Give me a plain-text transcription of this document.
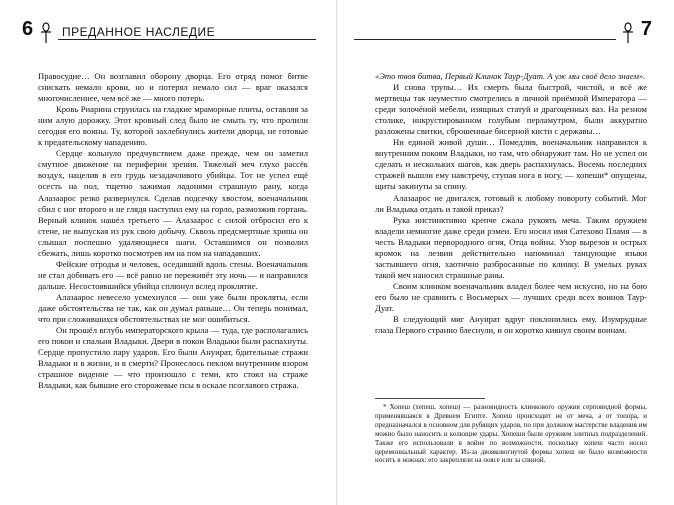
6 ПРЕДАННОЕ НАСЛЕДИЕ

Правосудие… Он возглавил оборону дворца. Его отряд помог битве снискать немало крови, но и потерял немало сил — враг оказался многочисленнее, чем всё же — много потерь.

Кровь Риарина струилась на гладкие мраморные плиты, оставляя за ним алую дорожку. Этот кровный след было не смыть ту, что пролили сегодня его воины. Ту, которой захлебнулись жители дворца, не готовые к предательскому нападению.

Сердце кольнуло предчувствием даже прежде, чем он заметил смутное движение на периферии зрения. Тяжелый меч глухо рассёк воздух, нацелив в его грудь незадачливого убийцы. Тот не успел ещё осесть на пол, тщетно зажимая ладонями страшную рану, когда Алазаарос резко развернулся. Сделав подсечку хвостом, военачальник сбил с ног второго и не глядя наступил ему на горло, размозжив гортань. Верный клинок нашёл третьего — Алазаарос с силой отбросил его к стене, не выпуская из рук свою добычу. Сквозь предсмертные хрипы он слышал поспешно удаляющиеся шаги. Оставшимся он позволил сбежать, лишь коротко посмотрев им на пом на нападавших.

Фейские отродья и человек, оседавший вдоль стены. Военачальник не стал добивать его — всё равно не переживёт эту ночь — и направился дальше. Несостоявшийся убийца сплюнул вслед проклятие.

Алазаарос невесело усмехнулся — они уже были прокляты, если даже обстоятельства не так, как он думал раньше… Он теперь понимал, что при сложившихся обстоятельствах не мог ошибиться.

Он прошёл вглубь императорского крыла — туда, где располагались его покои и спальня Владыки. Двери в покои Владыки были распахнуты. Сердце пропустило пару ударов. Его были Ануират, бдительные стражи Владыки и в жизни, и в смерти? Пронеслось пеклом внутренним взором страшное видение — что произошло с теми, кто стоял на страже Владыки, как бывшие его сторожевые псы в оскале псоглавого стража.

7

«Это твоя битва, Первый Клинок Таур-Дуат. А уж мы своё дело знаем».

И снова трупы… Их смерть была быстрой, чистой, и всё же мертвецы так неуместно смотрелись в личной приёмной Императора — среди золочёной мебели, изящных статуй и драгоценных ваз. На резном столике, инкрустированном голубым перламутром, были аккуратно разложены свитки, сброшенные бисерной кисти с державы…

Ни единой живой души… Помедлив, военачальник направился к внутренним покоям Владыки, но там, что обнаружит там. Но не успел он сделать и нескольких шагов, как дверь распахнулась. Восемь последних стражей вышли ему навстречу, ступая нога в ногу, — хопеши* опущены, щиты закинуты за спину.

Алазаарос не двигался, готовый к любому повороту событий. Мог ли Владыка отдать и такой приказ?

Рука инстинктивно крепче сжала рукоять меча. Таким оружием владели немногие даже среди рэмеи. Его носил имя Сатехово Пламя — в честь Владыки первородного огня, Отца войны. Узор вырезов и острых кромок на лезвии действительно напоминал танцующие языки застывшего огня, хаотично разбросанные по клинку. В умелых руках такой меч наносил страшные раны.

Своим клинком военачальник владел более чем искусно, но на бою его было не сравнить с Восьмерых — лучших среди всех воинов Таур-Дуат.

В следующий миг Ануират вдруг поклонились ему. Изумрудные глаза Первого странно блеснули, и он коротко кивнул своим воинам.

* Хопеш (хепеш, хопеш) — разновидность клинкового оружия серповидной формы, применявшаяся в Древнем Египте. Хопеш происходит не от меча, а от топора, и предназначался в основном для рубящих ударов, по при должном мастерстве владения им можно было наносить и колющие удары. Хопеши были оружием элитных подразделений. Также его использовали в войне по возможности, поскольку хопеш часто носил церемониальный характер. Из-за двояковогнутой формы хопеш не было возможности носить в ножнах: его закрепляли на поясе или за спиной.
